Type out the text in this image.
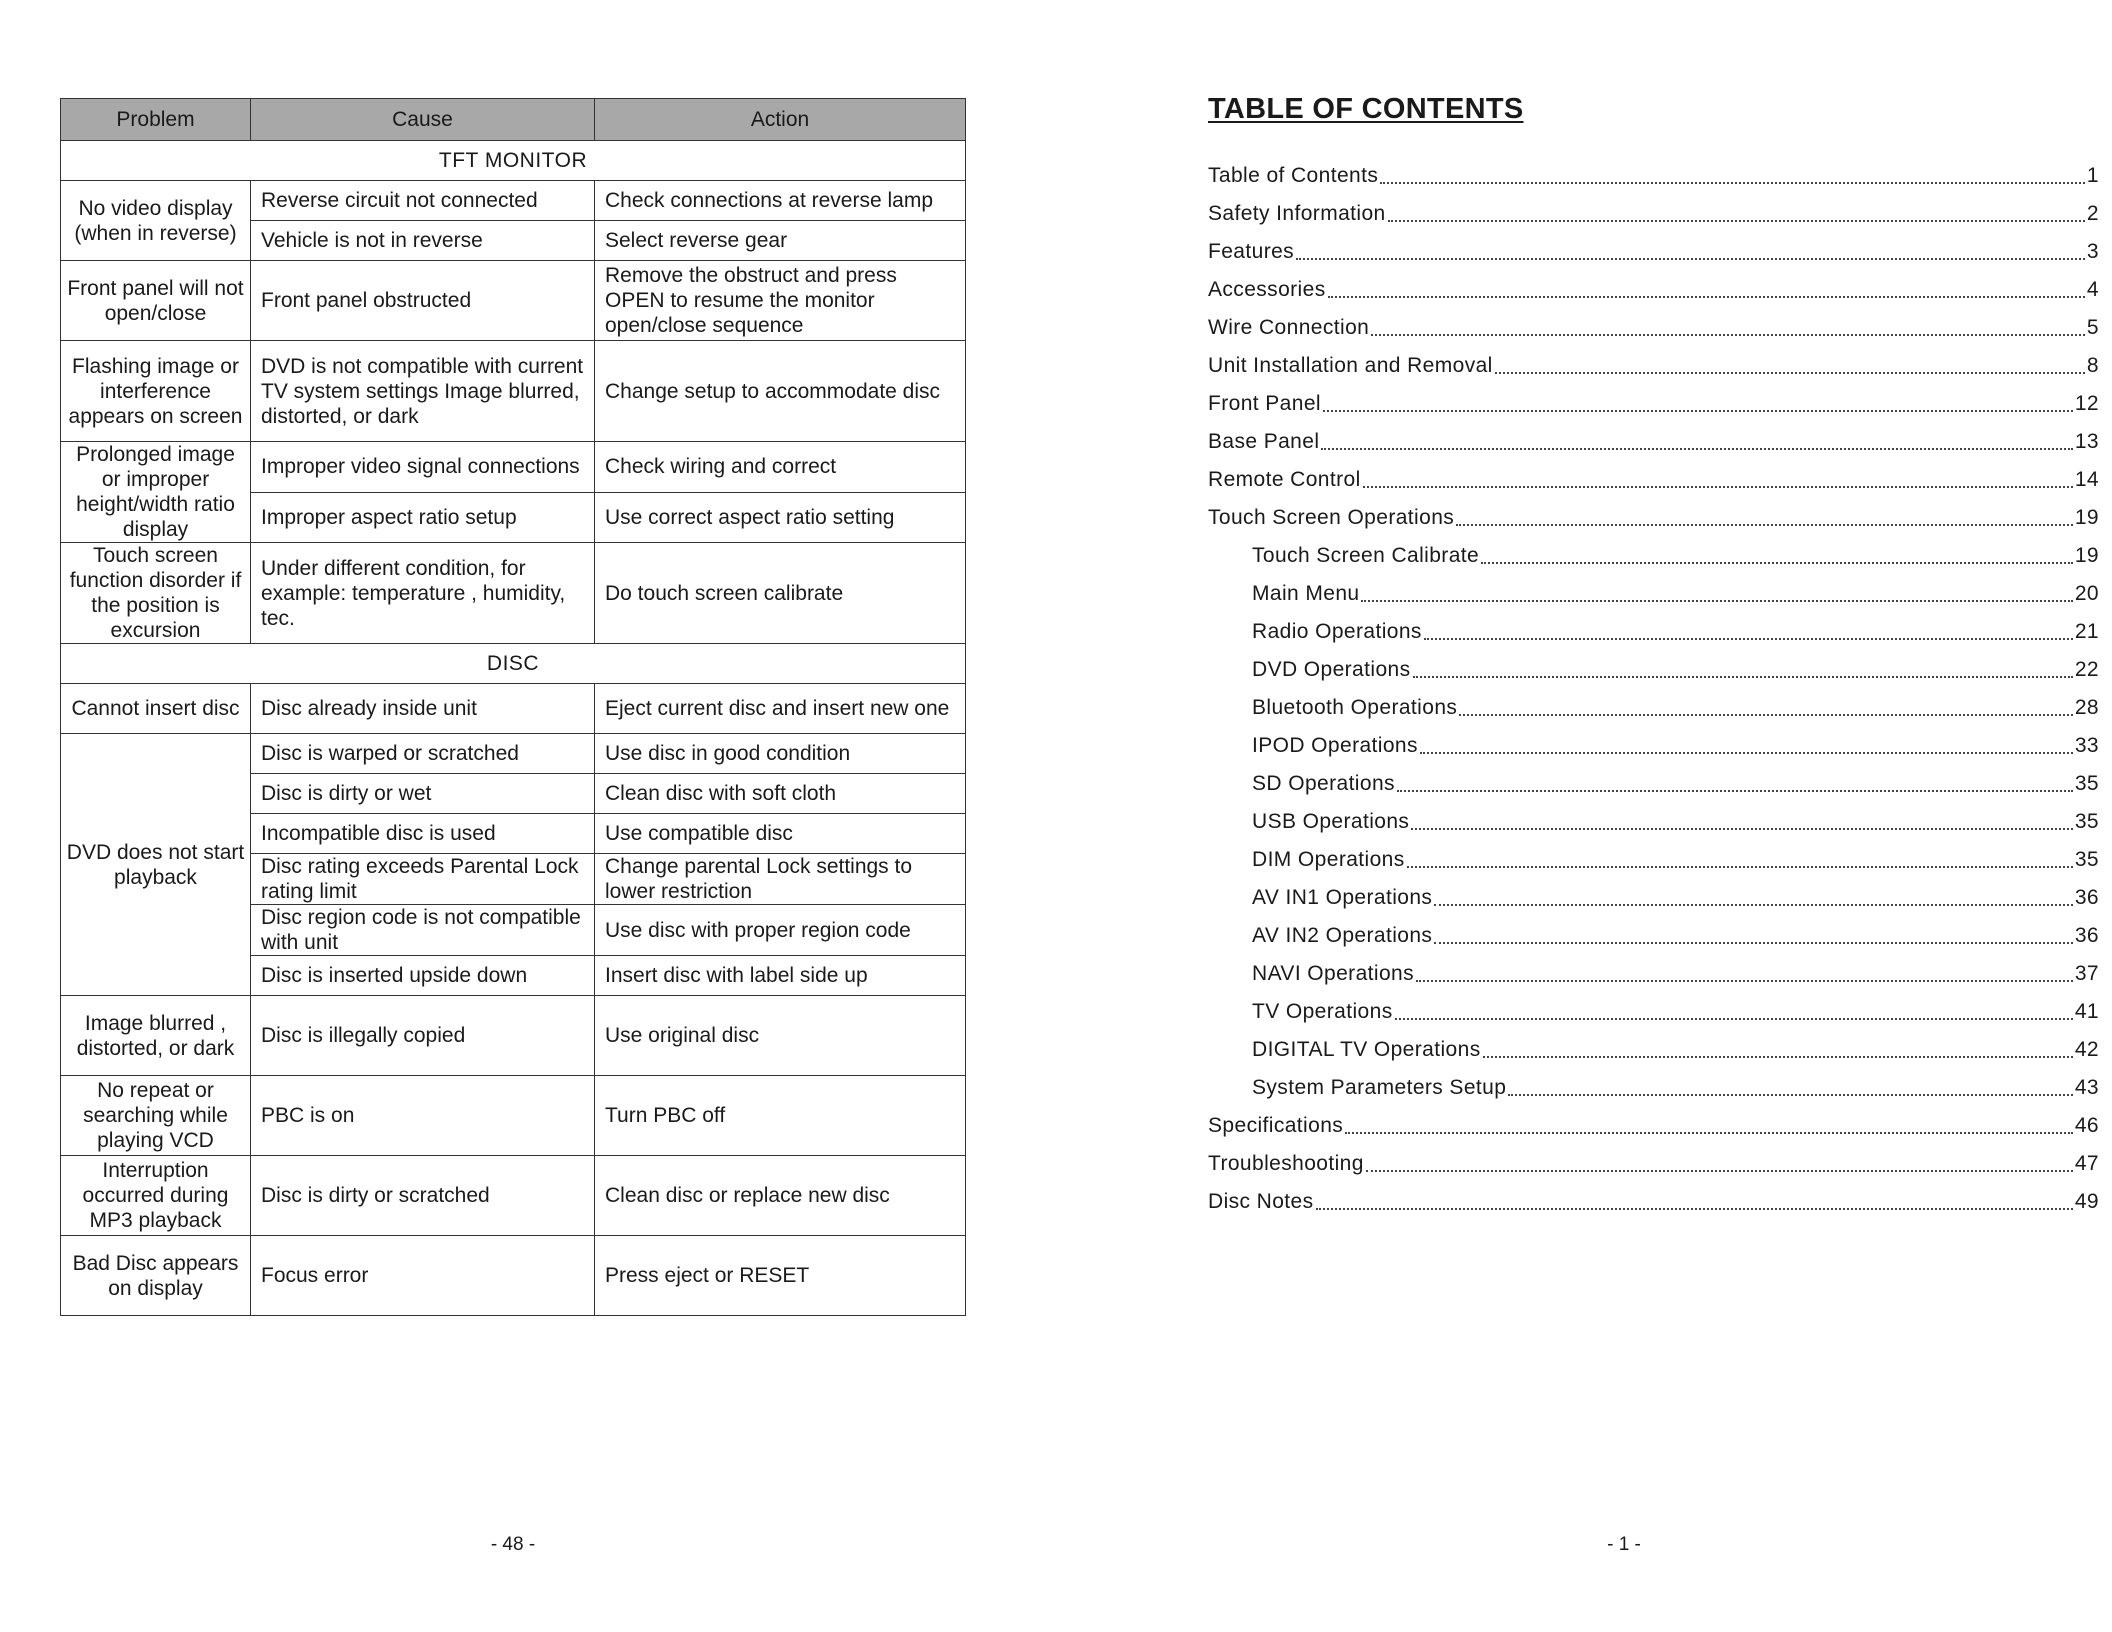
Problem	Cause	Action
TFT MONITOR		
No video display (when in reverse)	Reverse circuit not connected	Check connections at reverse lamp
	Vehicle is not in reverse	Select reverse gear
Front panel will not open/close	Front panel obstructed	Remove the obstruct and press OPEN to resume the monitor open/close sequence
Flashing image or interference appears on screen	DVD is not compatible with current TV system settings Image blurred, distorted, or dark	Change setup to accommodate disc
Prolonged image or improper height/width ratio display	Improper video signal connections	Check wiring and correct
	Improper aspect ratio setup	Use correct aspect ratio setting
Touch screen function disorder if the position is excursion	Under different condition, for example: temperature , humidity, tec.	Do touch screen calibrate
DISC		
Cannot insert disc	Disc already inside unit	Eject current disc and insert new one
DVD does not start playback	Disc is warped or scratched	Use disc in good condition
	Disc is dirty or wet	Clean disc with soft cloth
	Incompatible disc is used	Use compatible disc
	Disc rating exceeds Parental Lock rating limit	Change parental Lock settings to lower restriction
	Disc region code is not compatible with unit	Use disc with proper region code
	Disc is inserted upside down	Insert disc with label side up
Image blurred , distorted, or dark	Disc is illegally copied	Use original disc
No repeat or searching while playing VCD	PBC is on	Turn PBC off
Interruption occurred during MP3 playback	Disc is dirty or scratched	Clean disc or replace new disc
Bad Disc appears on display	Focus error	Press eject or RESET
- 48 -
TABLE OF CONTENTS
Table of Contents	1
Safety Information	2
Features	3
Accessories	4
Wire Connection	5
Unit Installation and Removal	8
Front Panel	12
Base Panel	13
Remote Control	14
Touch Screen Operations	19
Touch Screen Calibrate	19
Main Menu	20
Radio Operations	21
DVD Operations	22
Bluetooth Operations	28
IPOD Operations	33
SD Operations	35
USB Operations	35
DIM Operations	35
AV IN1 Operations	36
AV IN2 Operations	36
NAVI Operations	37
TV Operations	41
DIGITAL TV Operations	42
System Parameters Setup	43
Specifications	46
Troubleshooting	47
Disc Notes	49
- 1 -
